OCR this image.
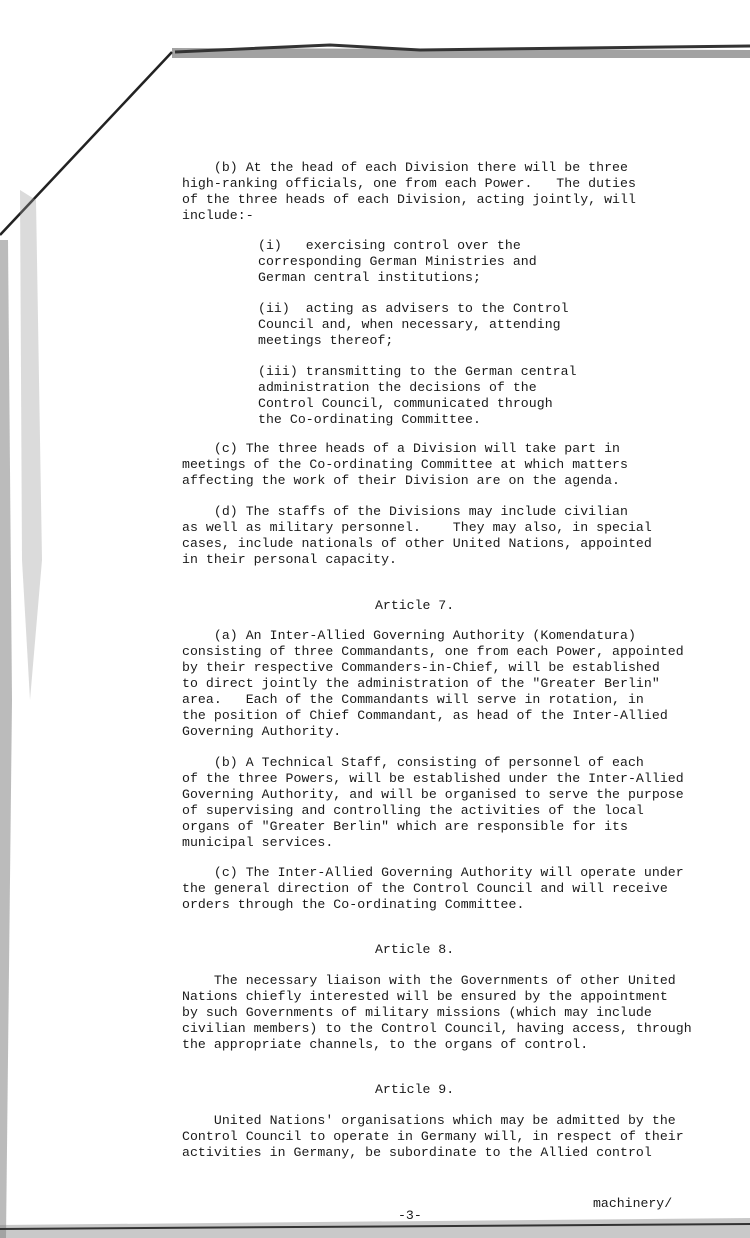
(b) At the head of each Division there will be three
high-ranking officials, one from each Power.   The duties
of the three heads of each Division, acting jointly, will
include:-
(i)   exercising control over the
corresponding German Ministries and
German central institutions;
(ii)  acting as advisers to the Control
Council and, when necessary, attending
meetings thereof;
(iii) transmitting to the German central
administration the decisions of the
Control Council, communicated through
the Co-ordinating Committee.
(c) The three heads of a Division will take part in
meetings of the Co-ordinating Committee at which matters
affecting the work of their Division are on the agenda.
(d) The staffs of the Divisions may include civilian
as well as military personnel.    They may also, in special
cases, include nationals of other United Nations, appointed
in their personal capacity.
Article 7.
(a) An Inter-Allied Governing Authority (Komendatura)
consisting of three Commandants, one from each Power, appointed
by their respective Commanders-in-Chief, will be established
to direct jointly the administration of the "Greater Berlin"
area.   Each of the Commandants will serve in rotation, in
the position of Chief Commandant, as head of the Inter-Allied
Governing Authority.
(b) A Technical Staff, consisting of personnel of each
of the three Powers, will be established under the Inter-Allied
Governing Authority, and will be organised to serve the purpose
of supervising and controlling the activities of the local
organs of "Greater Berlin" which are responsible for its
municipal services.
(c) The Inter-Allied Governing Authority will operate under
the general direction of the Control Council and will receive
orders through the Co-ordinating Committee.
Article 8.
The necessary liaison with the Governments of other United
Nations chiefly interested will be ensured by the appointment
by such Governments of military missions (which may include
civilian members) to the Control Council, having access, through
the appropriate channels, to the organs of control.
Article 9.
United Nations' organisations which may be admitted by the
Control Council to operate in Germany will, in respect of their
activities in Germany, be subordinate to the Allied control
-3-
machinery/
